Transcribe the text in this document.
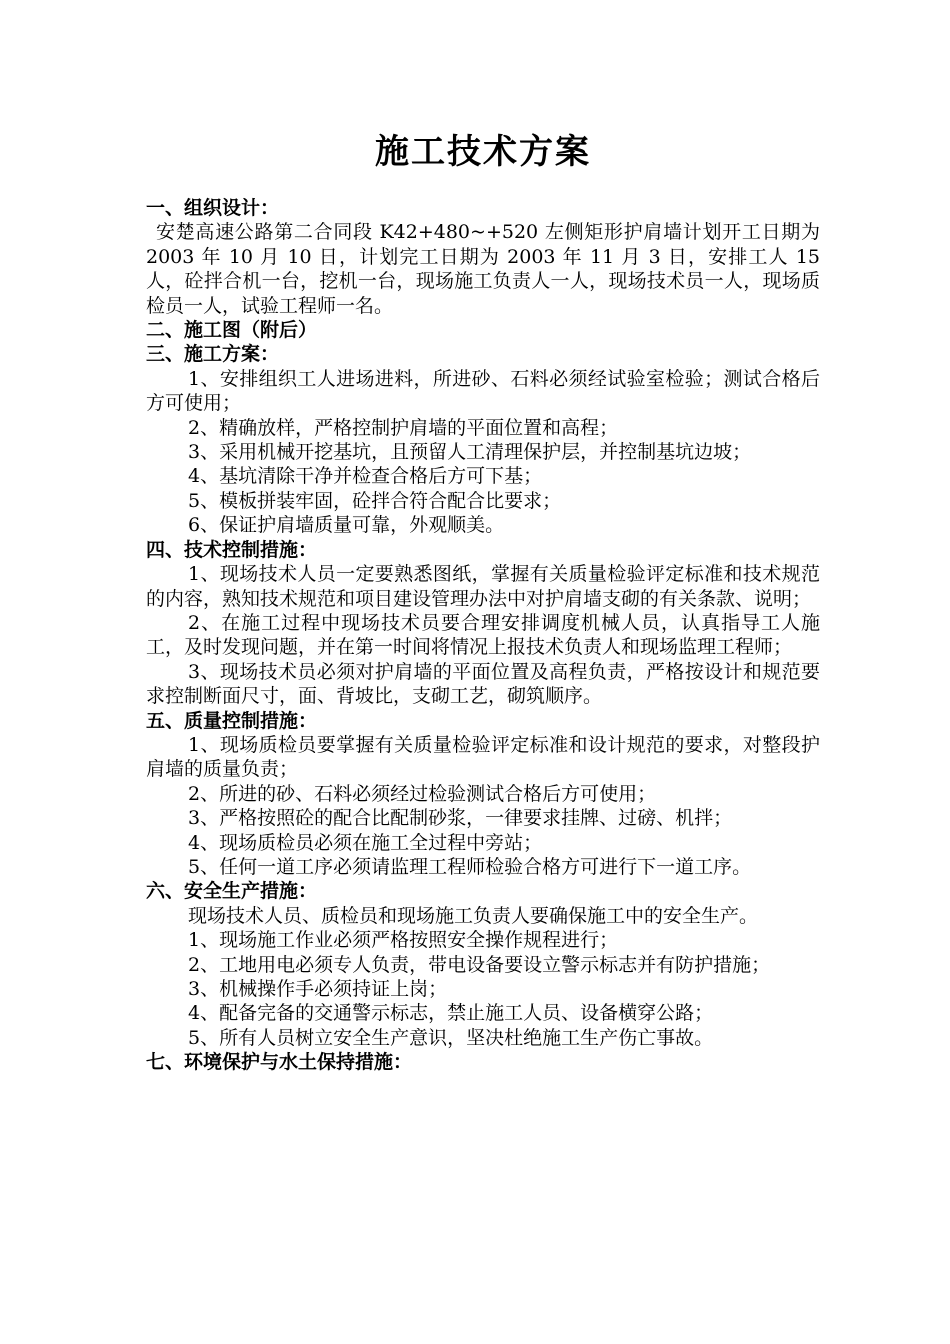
施工技术方案

一、组织设计：

安楚高速公路第二合同段 K42+480~+520 左侧矩形护肩墙计划开工日期为 2003 年 10 月 10 日，计划完工日期为 2003 年 11 月 3 日，安排工人 15 人，砼拌合机一台，挖机一台，现场施工负责人一人，现场技术员一人，现场质检员一人，试验工程师一名。

二、施工图（附后）

三、施工方案：

1、安排组织工人进场进料，所进砂、石料必须经试验室检验；测试合格后方可使用；

2、精确放样，严格控制护肩墙的平面位置和高程；

3、采用机械开挖基坑，且预留人工清理保护层，并控制基坑边坡；

4、基坑清除干净并检查合格后方可下基；

5、模板拼装牢固，砼拌合符合配合比要求；

6、保证护肩墙质量可靠，外观顺美。

四、技术控制措施：

1、现场技术人员一定要熟悉图纸，掌握有关质量检验评定标准和技术规范的内容，熟知技术规范和项目建设管理办法中对护肩墙支砌的有关条款、说明；

2、在施工过程中现场技术员要合理安排调度机械人员，认真指导工人施工，及时发现问题，并在第一时间将情况上报技术负责人和现场监理工程师；

3、现场技术员必须对护肩墙的平面位置及高程负责，严格按设计和规范要求控制断面尺寸，面、背坡比，支砌工艺，砌筑顺序。

五、质量控制措施：

1、现场质检员要掌握有关质量检验评定标准和设计规范的要求，对整段护肩墙的质量负责；

2、所进的砂、石料必须经过检验测试合格后方可使用；

3、严格按照砼的配合比配制砂浆，一律要求挂牌、过磅、机拌；

4、现场质检员必须在施工全过程中旁站；

5、任何一道工序必须请监理工程师检验合格方可进行下一道工序。

六、安全生产措施：

现场技术人员、质检员和现场施工负责人要确保施工中的安全生产。

1、现场施工作业必须严格按照安全操作规程进行；

2、工地用电必须专人负责，带电设备要设立警示标志并有防护措施；

3、机械操作手必须持证上岗；

4、配备完备的交通警示标志，禁止施工人员、设备横穿公路；

5、所有人员树立安全生产意识，坚决杜绝施工生产伤亡事故。

七、环境保护与水土保持措施：
